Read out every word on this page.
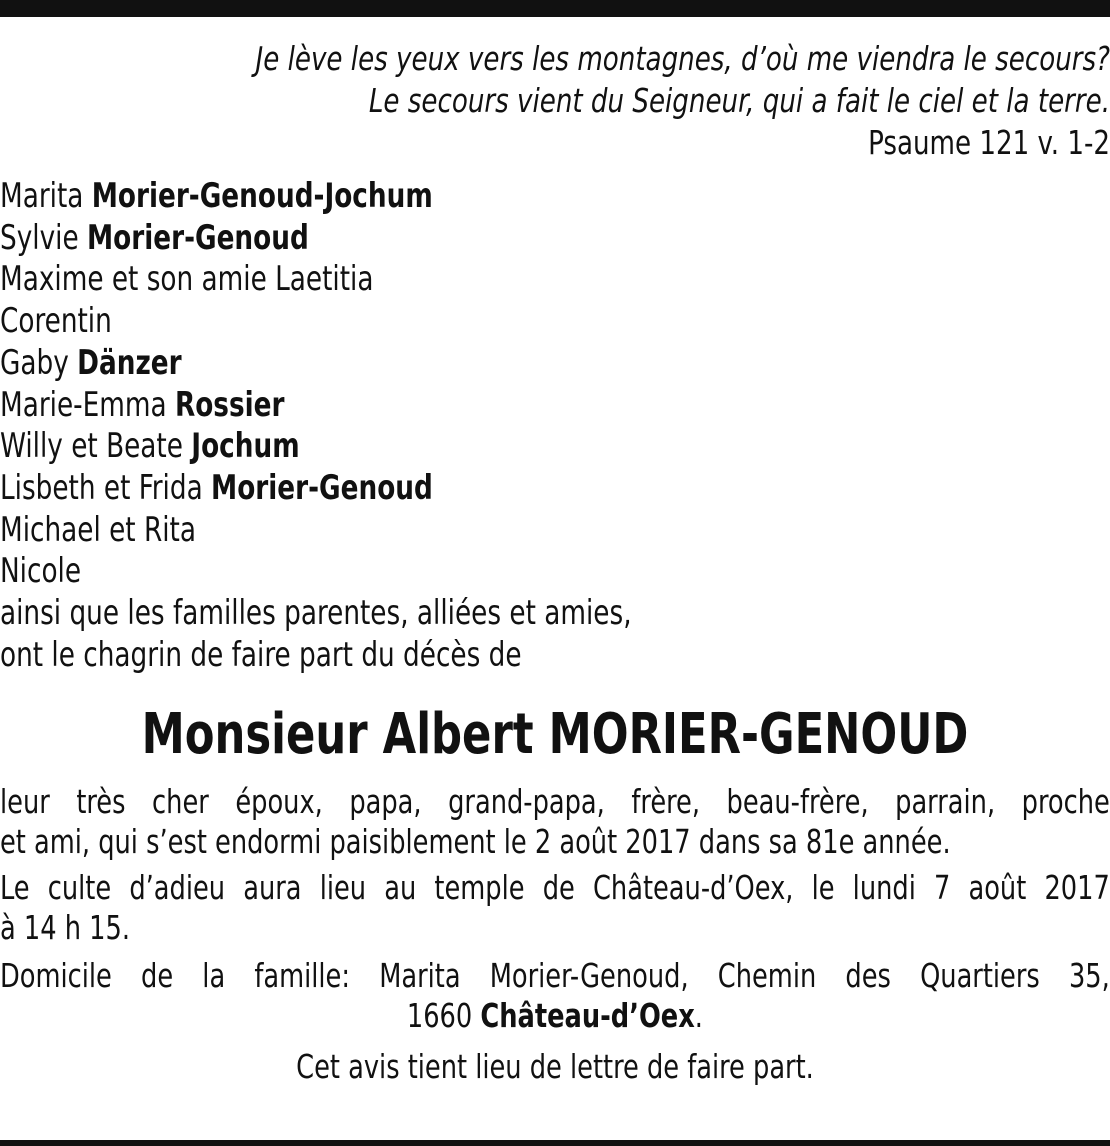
Je lève les yeux vers les montagnes, d’où me viendra le secours?
Le secours vient du Seigneur, qui a fait le ciel et la terre.
Psaume 121 v. 1-2
Marita Morier-Genoud-Jochum
Sylvie Morier-Genoud
Maxime et son amie Laetitia
Corentin
Gaby Dänzer
Marie-Emma Rossier
Willy et Beate Jochum
Lisbeth et Frida Morier-Genoud
Michael et Rita
Nicole
ainsi que les familles parentes, alliées et amies,
ont le chagrin de faire part du décès de
Monsieur Albert MORIER-GENOUD
leur très cher époux, papa, grand-papa, frère, beau-frère, parrain, proche
et ami, qui s’est endormi paisiblement le 2 août 2017 dans sa 81e année.
Le culte d’adieu aura lieu au temple de Château-d’Oex, le lundi 7 août 2017
à 14 h 15.
Domicile de la famille: Marita Morier-Genoud, Chemin des Quartiers 35,
1660 Château-d’Oex.
Cet avis tient lieu de lettre de faire part.
